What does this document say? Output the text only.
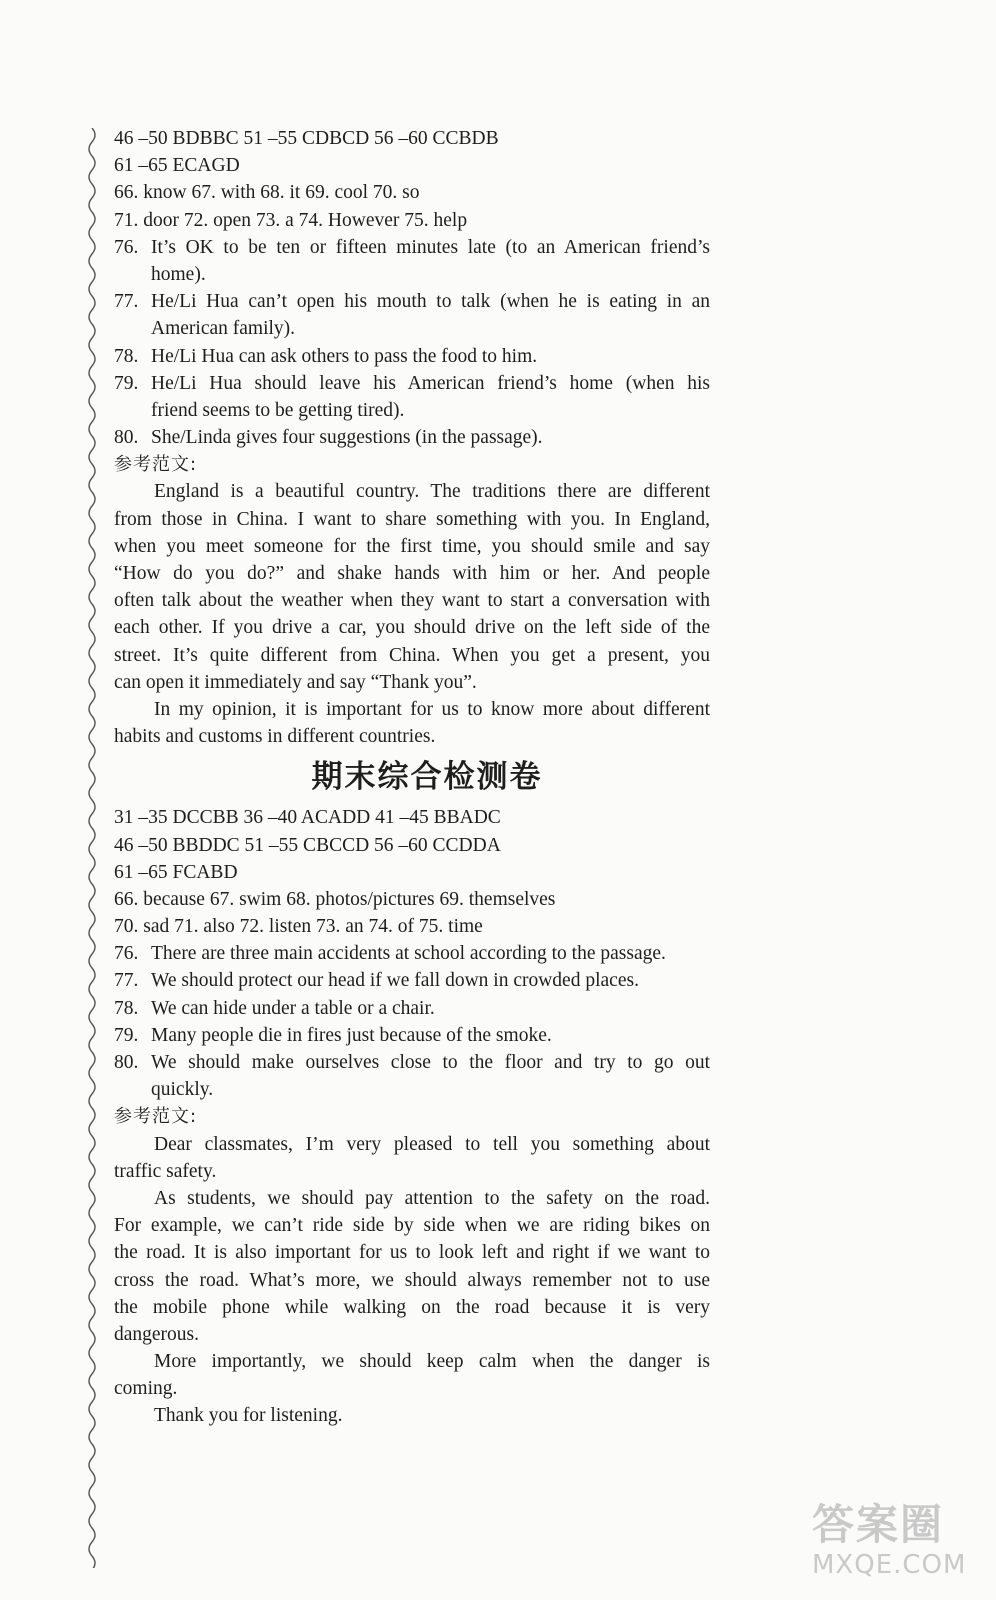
46 –50 BDBBC 51 –55 CDBCD 56 –60 CCBDB
61 –65 ECAGD
66. know 67. with 68. it 69. cool 70. so
71. door 72. open 73. a 74. However 75. help
76. It’s OK to be ten or fifteen minutes late (to an American friend’s
home).
77. He/Li Hua can’t open his mouth to talk (when he is eating in an
American family).
78. He/Li Hua can ask others to pass the food to him.
79. He/Li Hua should leave his American friend’s home (when his
friend seems to be getting tired).
80. She/Linda gives four suggestions (in the passage).
参考范文:
England is a beautiful country. The traditions there are different
from those in China. I want to share something with you. In England,
when you meet someone for the first time, you should smile and say
“How do you do?” and shake hands with him or her. And people
often talk about the weather when they want to start a conversation with
each other. If you drive a car, you should drive on the left side of the
street. It’s quite different from China. When you get a present, you
can open it immediately and say “Thank you”.
In my opinion, it is important for us to know more about different
habits and customs in different countries.
期末综合检测卷
31 –35 DCCBB 36 –40 ACADD 41 –45 BBADC
46 –50 BBDDC 51 –55 CBCCD 56 –60 CCDDA
61 –65 FCABD
66. because 67. swim 68. photos/pictures 69. themselves
70. sad 71. also 72. listen 73. an 74. of 75. time
76. There are three main accidents at school according to the passage.
77. We should protect our head if we fall down in crowded places.
78. We can hide under a table or a chair.
79. Many people die in fires just because of the smoke.
80. We should make ourselves close to the floor and try to go out
quickly.
参考范文:
Dear classmates, I’m very pleased to tell you something about
traffic safety.
As students, we should pay attention to the safety on the road.
For example, we can’t ride side by side when we are riding bikes on
the road. It is also important for us to look left and right if we want to
cross the road. What’s more, we should always remember not to use
the mobile phone while walking on the road because it is very
dangerous.
More importantly, we should keep calm when the danger is
coming.
Thank you for listening.
答案圈
MXQE.COM
